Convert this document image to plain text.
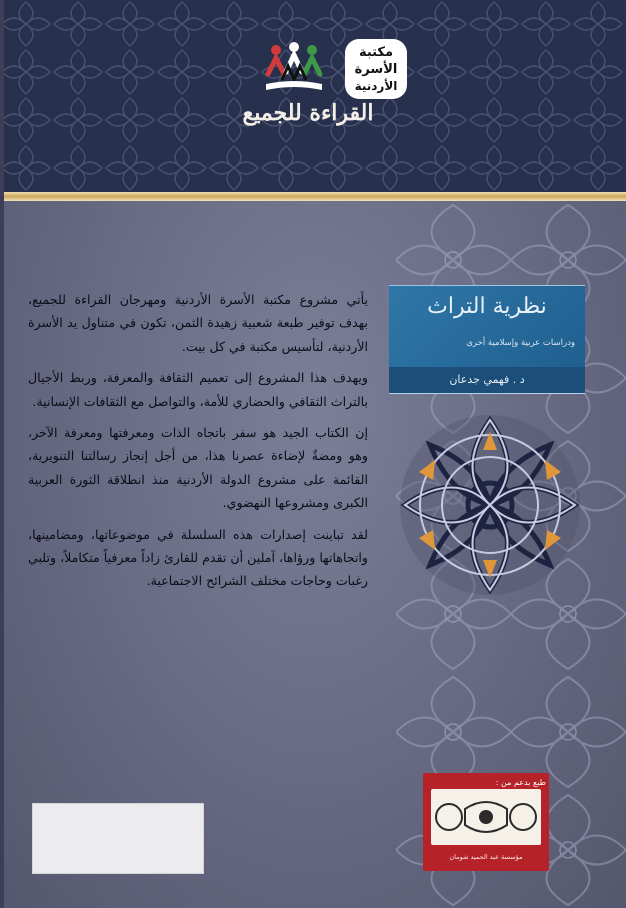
مكتبة
الأسرة
الأردنية
القراءة للجميع

يأتي مشروع مكتبة الأسرة الأردنية ومهرجان القراءة للجميع، بهدف توفير طبعة شعبية زهيدة الثمن، تكون في متناول يد الأسرة الأردنية، لتأسيس مكتبة في كل بيت.

ويهدف هذا المشروع إلى تعميم الثقافة والمعرفة، وربط الأجيال بالتراث الثقافي والحضاري للأمة، والتواصل مع الثقافات الإنسانية.

إن الكتاب الجيد هو سفر باتجاه الذات ومعرفتها ومعرفة الآخر، وهو ومضةٌ لإضاءة عصرنا هذا، من أجل إنجاز رسالتنا التنويرية، القائمة على مشروع الدولة الأردنية منذ انطلاقة الثورة العربية الكبرى ومشروعها النهضوي.

لقد تباينت إصدارات هذه السلسلة في موضوعاتها، ومضامينها، واتجاهاتها ورؤاها، آملين أن تقدم للقارئ زاداً معرفياً متكاملاً، وتلبي رغبات وحاجات مختلف الشرائح الاجتماعية.

نظرية التراث
ودراسات عربية وإسلامية أخرى
د . فهمي جدعان
مؤسسة عبد الحميد شومان
طبع بدعم من :
